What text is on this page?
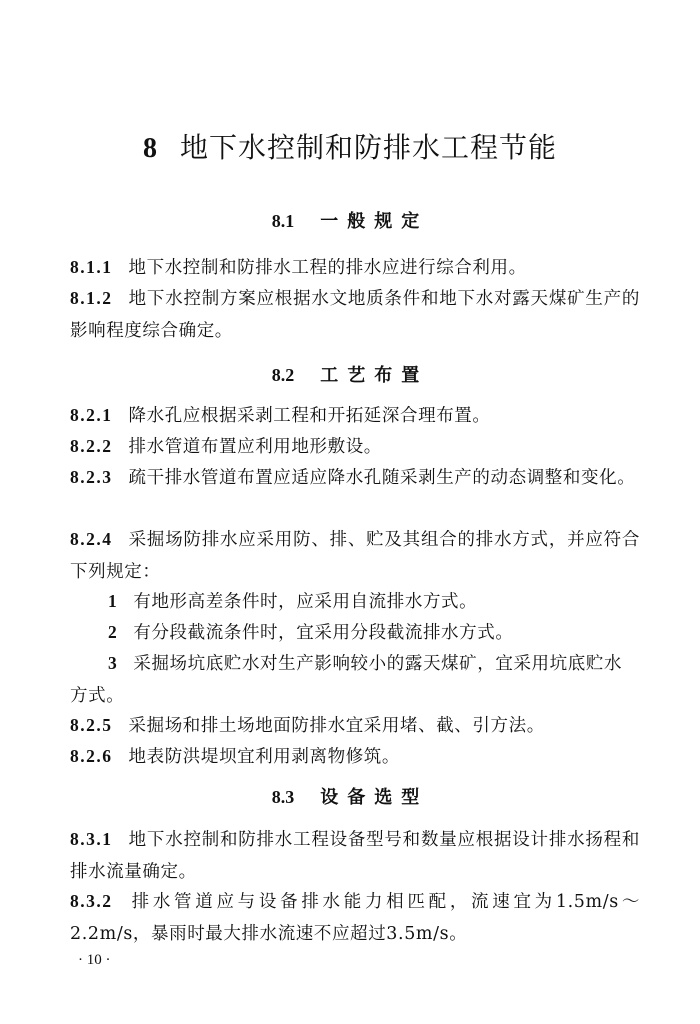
8 地下水控制和防排水工程节能
8.1 一般规定
8.1.1 地下水控制和防排水工程的排水应进行综合利用。
8.1.2 地下水控制方案应根据水文地质条件和地下水对露天煤矿生产的影响程度综合确定。
8.2 工艺布置
8.2.1 降水孔应根据采剥工程和开拓延深合理布置。
8.2.2 排水管道布置应利用地形敷设。
8.2.3 疏干排水管道布置应适应降水孔随采剥生产的动态调整和变化。
8.2.4 采掘场防排水应采用防、排、贮及其组合的排水方式，并应符合下列规定：
1 有地形高差条件时，应采用自流排水方式。
2 有分段截流条件时，宜采用分段截流排水方式。
3 采掘场坑底贮水对生产影响较小的露天煤矿，宜采用坑底贮水方式。
8.2.5 采掘场和排土场地面防排水宜采用堵、截、引方法。
8.2.6 地表防洪堤坝宜利用剥离物修筑。
8.3 设备选型
8.3.1 地下水控制和防排水工程设备型号和数量应根据设计排水扬程和排水流量确定。
8.3.2 排水管道应与设备排水能力相匹配，流速宜为1.5m/s～2.2m/s，暴雨时最大排水流速不应超过3.5m/s。
· 10 ·
